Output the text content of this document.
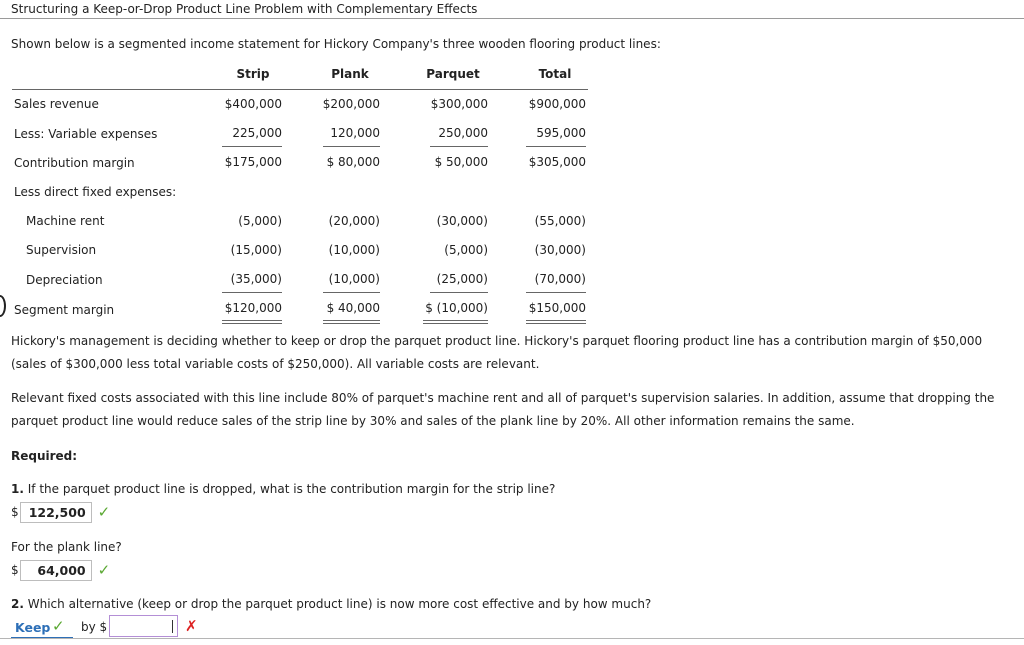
Structuring a Keep-or-Drop Product Line Problem with Complementary Effects
Shown below is a segmented income statement for Hickory Company's three wooden flooring product lines:
Strip	Plank	Parquet	Total
Sales revenue	$400,000	$200,000	$300,000	$900,000
Less: Variable expenses	225,000	120,000	250,000	595,000
Contribution margin	$175,000	$ 80,000	$ 50,000	$305,000
Less direct fixed expenses:
Machine rent	(5,000)	(20,000)	(30,000)	(55,000)
Supervision	(15,000)	(10,000)	(5,000)	(30,000)
Depreciation	(35,000)	(10,000)	(25,000)	(70,000)
Segment margin	$120,000	$ 40,000	$ (10,000)	$150,000
Hickory's management is deciding whether to keep or drop the parquet product line. Hickory's parquet flooring product line has a contribution margin of $50,000 (sales of $300,000 less total variable costs of $250,000). All variable costs are relevant.
Relevant fixed costs associated with this line include 80% of parquet's machine rent and all of parquet's supervision salaries. In addition, assume that dropping the parquet product line would reduce sales of the strip line by 30% and sales of the plank line by 20%. All other information remains the same.
Required:
1. If the parquet product line is dropped, what is the contribution margin for the strip line?
$ 122,500 ✓
For the plank line?
$	64,000 ✓
2. Which alternative (keep or drop the parquet product line) is now more cost effective and by how much?
Keep ✓ by $	✗
